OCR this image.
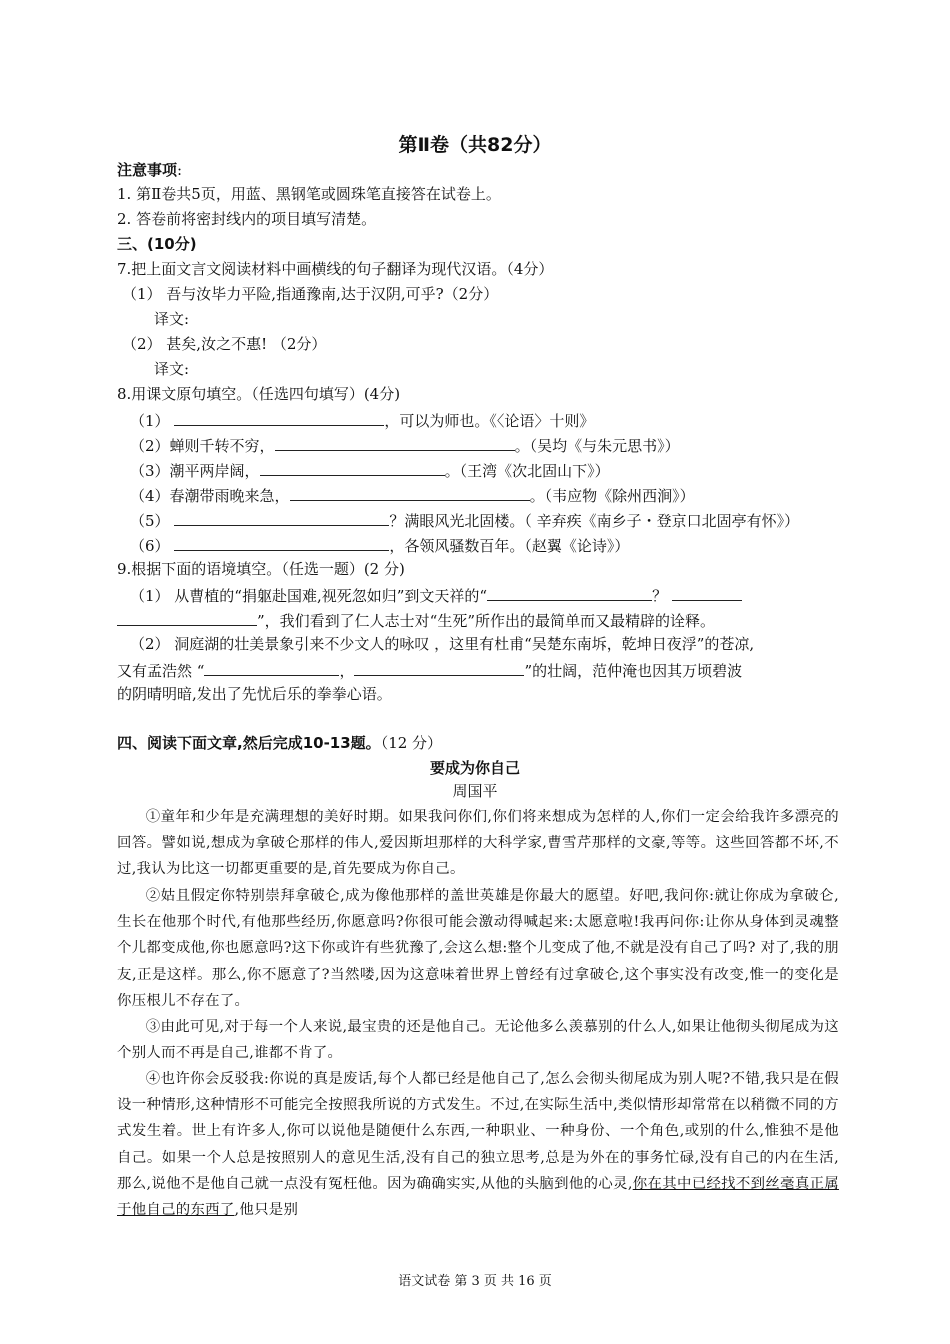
第Ⅱ卷（共82分）
注意事项:
1. 第Ⅱ卷共5页，用蓝、黑钢笔或圆珠笔直接答在试卷上。
2. 答卷前将密封线内的项目填写清楚。
三、(10分)
7.把上面文言文阅读材料中画横线的句子翻译为现代汉语。（4分）
（1） 吾与汝毕力平险,指通豫南,达于汉阴,可乎?（2分）
译文:
（2） 甚矣,汝之不惠! （2分）
译文:
8.用课文原句填空。（任选四句填写）(4分)
（1）	，可以为师也。《〈论语〉十则》
（2）蝉则千转不穷，	。（吴均《与朱元思书》）
（3）潮平两岸阔，	。（王湾《次北固山下》）
（4）春潮带雨晚来急，	。（韦应物《除州西涧》）
（5）	？满眼风光北固楼。（ 辛弃疾《南乡子・登京口北固亭有怀》）
（6）	，各领风骚数百年。（赵翼《论诗》）
9.根据下面的语境填空。（任选一题）(2 分)
（1） 从曹植的“捐躯赴国难,视死忽如归”到文天祥的“	？
”，我们看到了仁人志士对“生死”所作出的最简单而又最精辟的诠释。
（2） 洞庭湖的壮美景象引来不少文人的咏叹 ，这里有杜甫“吴楚东南坼，乾坤日夜浮”的苍凉,
又有孟浩然 “	，	”的壮阔，范仲淹也因其万顷碧波
的阴晴明暗,发出了先忧后乐的拳拳心语。
四、阅读下面文章,然后完成10-13题。（12 分）
要成为你自己
周国平
①童年和少年是充满理想的美好时期。如果我问你们,你们将来想成为怎样的人,你们一定会给我许多漂亮的回答。譬如说,想成为拿破仑那样的伟人,爱因斯坦那样的大科学家,曹雪芹那样的文豪,等等。这些回答都不坏,不过,我认为比这一切都更重要的是,首先要成为你自己。
②姑且假定你特别崇拜拿破仑,成为像他那样的盖世英雄是你最大的愿望。好吧,我问你:就让你成为拿破仑,生长在他那个时代,有他那些经历,你愿意吗?你很可能会激动得喊起来:太愿意啦!我再问你:让你从身体到灵魂整个儿都变成他,你也愿意吗?这下你或许有些犹豫了,会这么想:整个儿变成了他,不就是没有自己了吗? 对了,我的朋友,正是这样。那么,你不愿意了?当然喽,因为这意味着世界上曾经有过拿破仑,这个事实没有改变,惟一的变化是你压根儿不存在了。
③由此可见,对于每一个人来说,最宝贵的还是他自己。无论他多么羡慕别的什么人,如果让他彻头彻尾成为这个别人而不再是自己,谁都不肯了。
④也许你会反驳我:你说的真是废话,每个人都已经是他自己了,怎么会彻头彻尾成为别人呢?不错,我只是在假设一种情形,这种情形不可能完全按照我所说的方式发生。不过,在实际生活中,类似情形却常常在以稍微不同的方式发生着。世上有许多人,你可以说他是随便什么东西,一种职业、一种身份、一个角色,或别的什么,惟独不是他自己。如果一个人总是按照别人的意见生活,没有自己的独立思考,总是为外在的事务忙碌,没有自己的内在生活,那么,说他不是他自己就一点没有冤枉他。因为确确实实,从他的头脑到他的心灵,你在其中已经找不到丝毫真正属于他自己的东西了,他只是别
语文试卷 第 3 页 共 16 页
